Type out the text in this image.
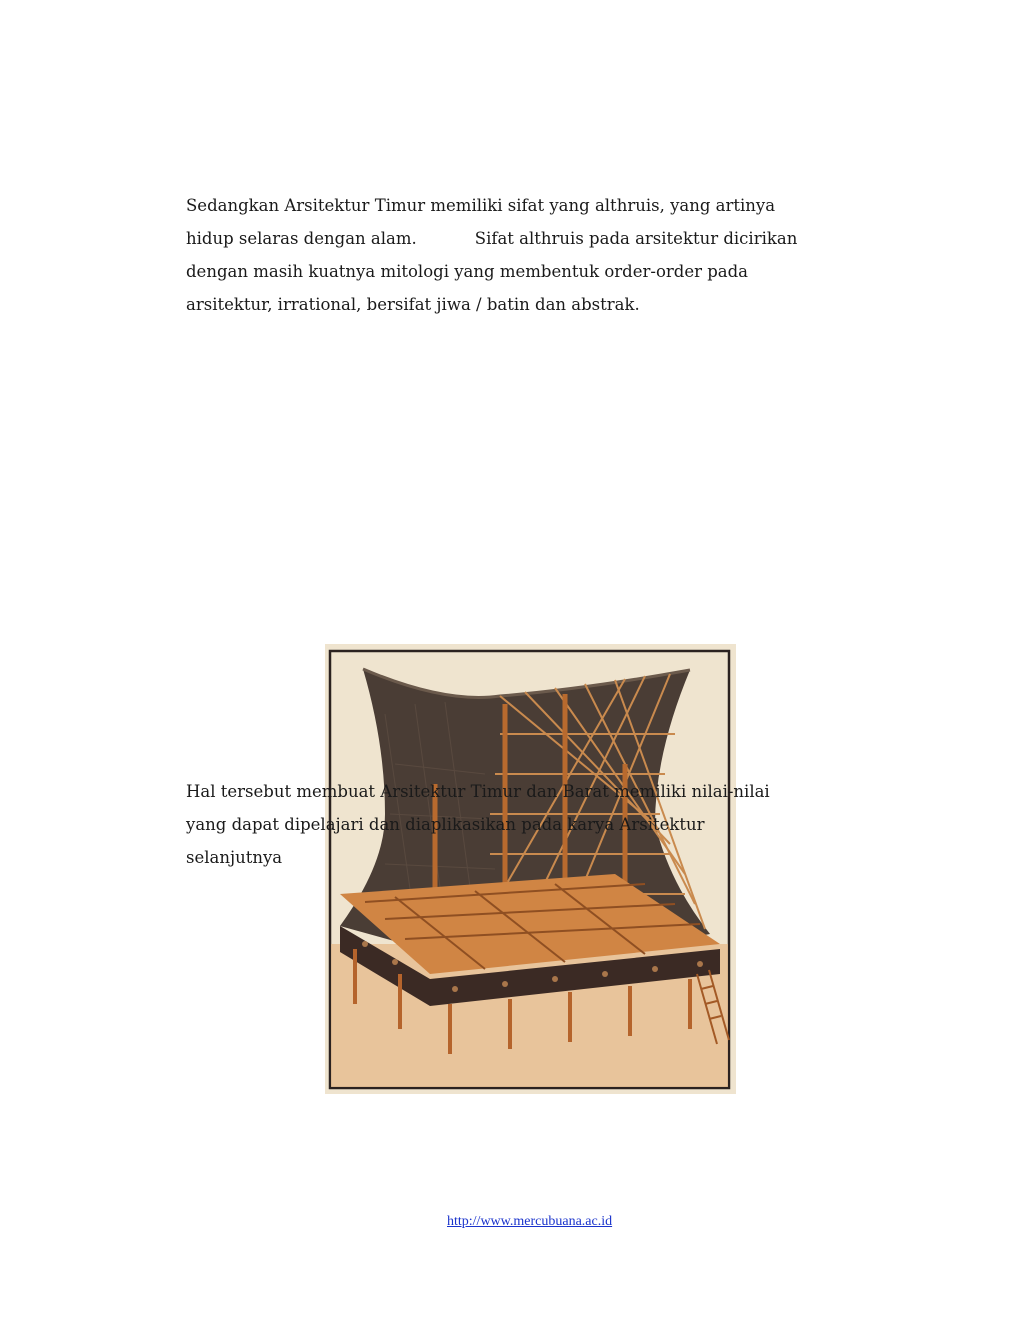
Sedangkan Arsitektur Timur memiliki sifat yang althruis, yang artinya
hidup selaras dengan alam.	Sifat althruis pada arsitektur dicirikan
dengan masih kuatnya mitologi yang membentuk order-order pada
arsitektur, irrational, bersifat jiwa / batin dan abstrak.
Hal tersebut membuat Arsitektur Timur dan Barat memiliki nilai-nilai
yang dapat dipelajari dan diaplikasikan pada karya Arsitektur
selanjutnya
http://www.mercubuana.ac.id
